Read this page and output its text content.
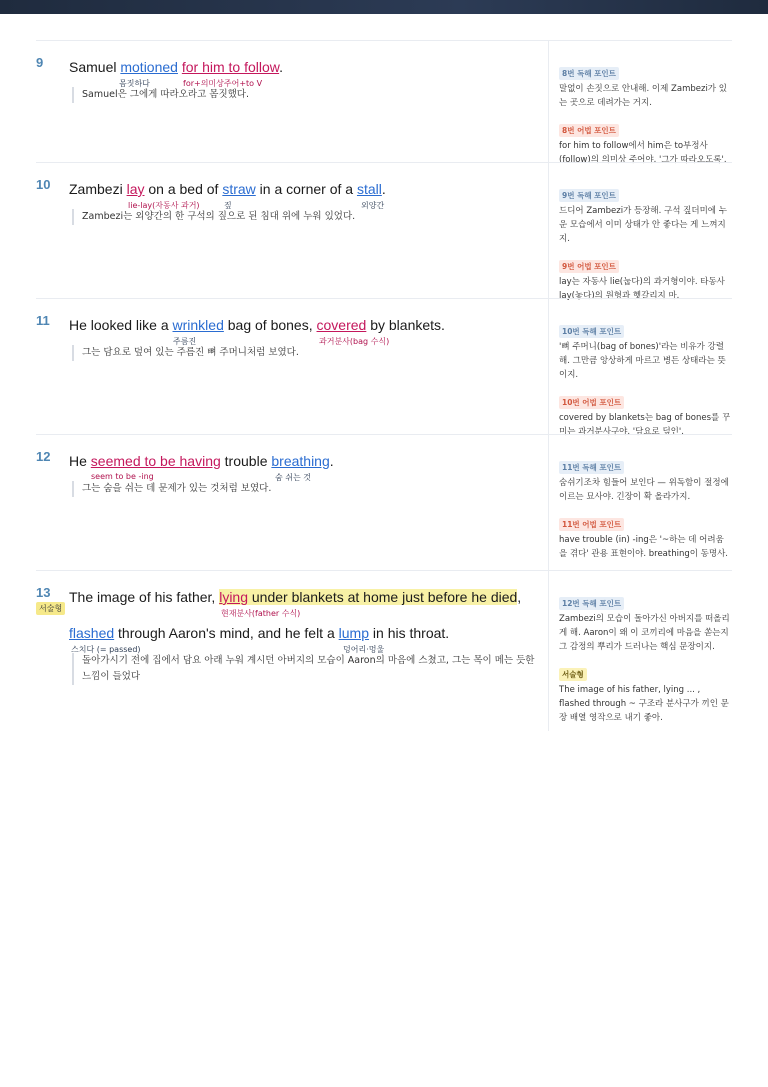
9 Samuel motioned for him to follow.
몸짓하다	for+의미상주어+to V
Samuel은 그에게 따라오라고 몸짓했다.
8번 독해 포인트
말없이 손짓으로 안내해. 이제 Zambezi가 있는 곳으로 데려가는 거지.
8번 어법 포인트
for him to follow에서 him은 to부정사(follow)의 의미상 주어야. '그가 따라오도록'.
10 Zambezi lay on a bed of straw in a corner of a stall.
lie-lay(자동사 과거)	짚	외양간
Zambezi는 외양간의 한 구석의 짚으로 된 침대 위에 누워 있었다.
9번 독해 포인트
드디어 Zambezi가 등장해. 구석 짚더미에 누운 모습에서 이미 상태가 안 좋다는 게 느껴지지.
9번 어법 포인트
lay는 자동사 lie(눕다)의 과거형이야. 타동사 lay(놓다)의 원형과 헷갈리지 마.
11 He looked like a wrinkled bag of bones, covered by blankets.
주름진	과거분사(bag 수식)
그는 담요로 덮여 있는 주름진 뼈 주머니처럼 보였다.
10번 독해 포인트
'뼈 주머니(bag of bones)'라는 비유가 강렬해. 그만큼 앙상하게 마르고 병든 상태라는 뜻이지.
10번 어법 포인트
covered by blankets는 bag of bones를 꾸미는 과거분사구야. '담요로 덮인'.
12 He seemed to be having trouble breathing.
seem to be -ing	숨 쉬는 것
그는 숨을 쉬는 데 문제가 있는 것처럼 보였다.
11번 독해 포인트
숨쉬기조차 힘들어 보인다 — 위독함이 절정에 이르는 묘사야. 긴장이 확 올라가지.
11번 어법 포인트
have trouble (in) -ing은 '~하는 데 어려움을 겪다' 관용 표현이야. breathing이 동명사.
13
서술형
The image of his father, lying under blankets at home just before he died,
현재분사(father 수식)
flashed through Aaron's mind, and he felt a lump in his throat.
스치다 (= passed)	덩어리·멍울
돌아가시기 전에 집에서 담요 아래 누워 계시던 아버지의 모습이 Aaron의 마음에 스쳤고, 그는 목이 메는 듯한 느낌이 들었다
12번 독해 포인트
Zambezi의 모습이 돌아가신 아버지를 떠올리게 해. Aaron이 왜 이 코끼리에 마음을 쏟는지 그 감정의 뿌리가 드러나는 핵심 문장이지.
서술형
The image of his father, lying ... , flashed through ~ 구조라 분사구가 끼인 문장 배열 영작으로 내기 좋아.
